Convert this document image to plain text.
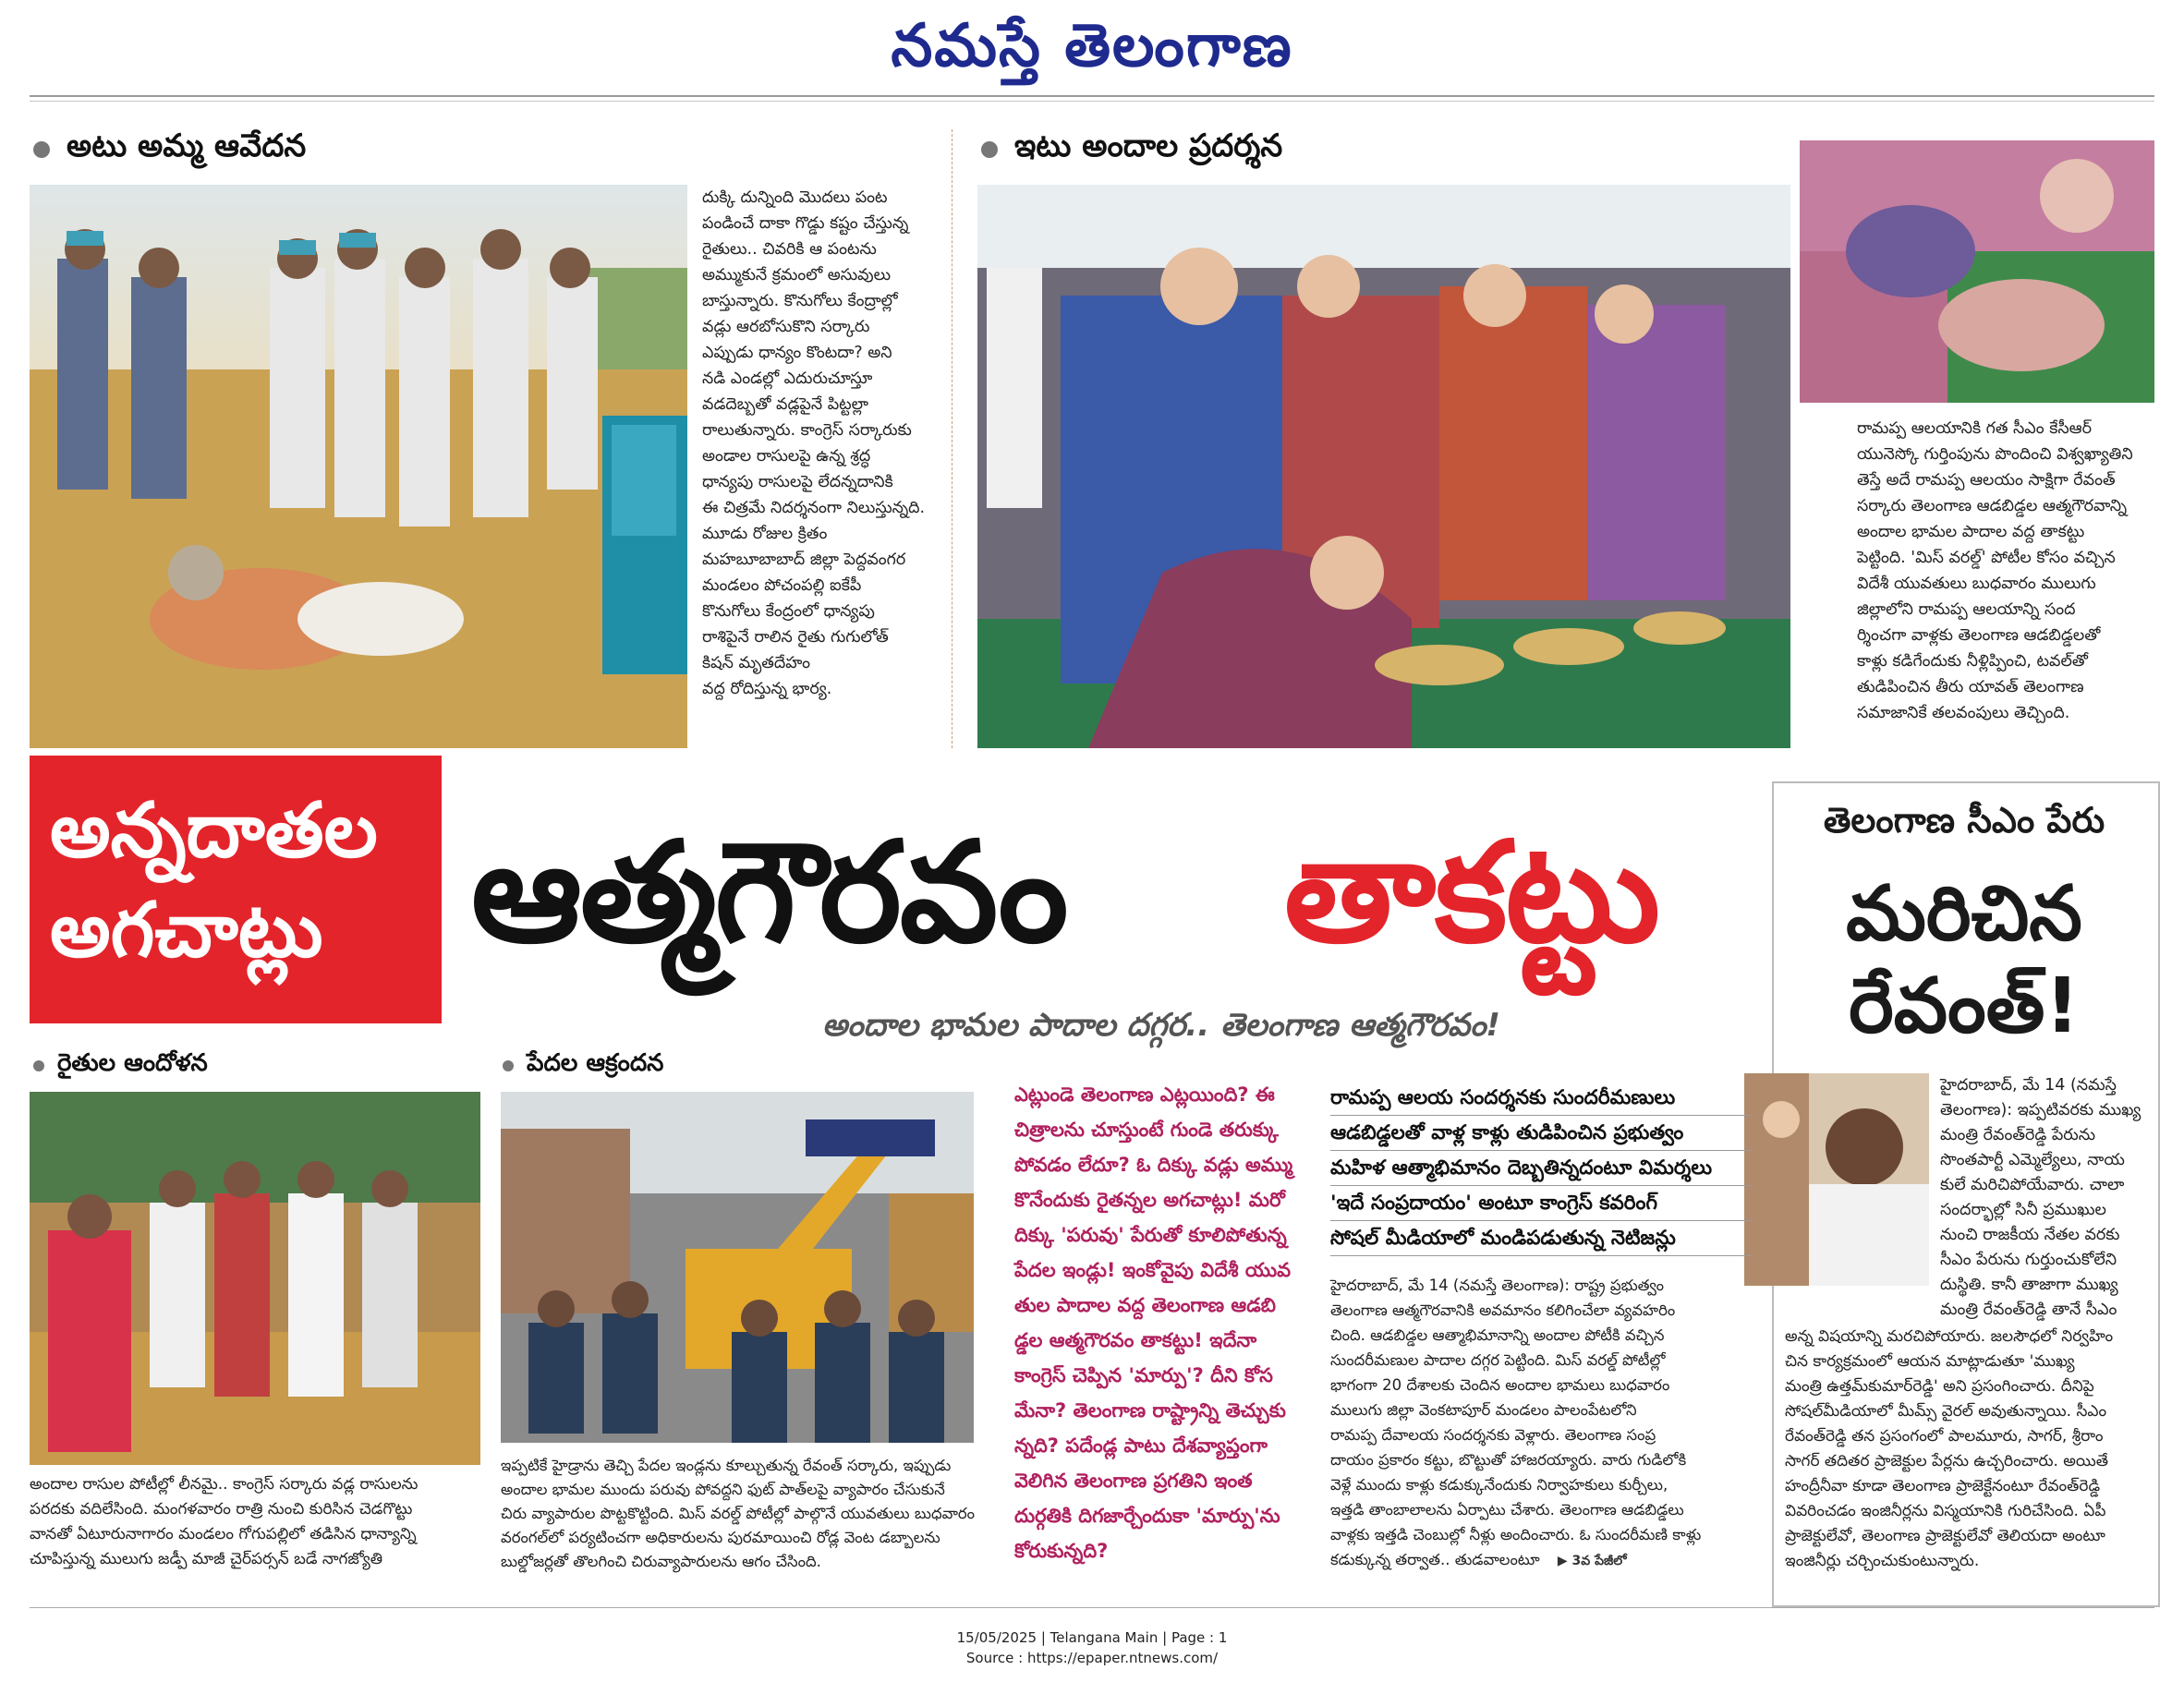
నమస్తే తెలంగాణ
అటు అమ్మ ఆవేదన

దుక్కి దున్నింది మొదలు పంట

పండించే దాకా గొడ్డు కష్టం చేస్తున్న

రైతులు.. చివరికి ఆ పంటను

అమ్ముకునే క్రమంలో అసువులు

బాస్తున్నారు. కొనుగోలు కేంద్రాల్లో

వడ్లు ఆరబోసుకొని సర్కారు

ఎప్పుడు ధాన్యం కొంటదా? అని

నడి ఎండల్లో ఎదురుచూస్తూ

వడదెబ్బతో వడ్లపైనే పిట్టల్లా

రాలుతున్నారు. కాంగ్రెస్ సర్కారుకు

అండాల రాసులపై ఉన్న శ్రద్ధ

ధాన్యపు రాసులపై లేదన్నదానికి

ఈ చిత్రమే నిదర్శనంగా నిలుస్తున్నది.

మూడు రోజుల క్రితం

మహబూబాబాద్ జిల్లా పెద్దవంగర

మండలం పోచంపల్లి ఐకేపీ

కొనుగోలు కేంద్రంలో ధాన్యపు

రాశిపైనే రాలిన రైతు గుగులోత్

కిషన్ మృతదేహం

వద్ద రోదిస్తున్న భార్య.

ఇటు అందాల ప్రదర్శన

రామప్ప ఆలయానికి గత సీఎం కేసీఆర్

యునెస్కో గుర్తింపును పొందించి విశ్వఖ్యాతిని

తెస్తే అదే రామప్ప ఆలయం సాక్షిగా రేవంత్

సర్కారు తెలంగాణ ఆడబిడ్డల ఆత్మగౌరవాన్ని

అందాల భామల పాదాల వద్ద తాకట్టు

పెట్టింది. 'మిస్ వరల్డ్' పోటీల కోసం వచ్చిన

విదేశీ యువతులు బుధవారం ములుగు

జిల్లాలోని రామప్ప ఆలయాన్ని సంద

ర్శించగా వాళ్లకు తెలంగాణ ఆడబిడ్డలతో

కాళ్లు కడిగేందుకు నీళ్లిప్పించి, టవల్‌తో

తుడిపించిన తీరు యావత్ తెలంగాణ

సమాజానికే తలవంపులు తెచ్చింది.

అన్నదాతల
అగచాట్లు	ఆత్మగౌరవం తాకట్టు
అందాల భామల పాదాల దగ్గర.. తెలంగాణ ఆత్మగౌరవం!
తెలంగాణ సీఎం పేరు
మరిచిన
రేవంత్!
హైదరాబాద్, మే 14 (నమస్తే
తెలంగాణ): ఇప్పటివరకు ముఖ్య
మంత్రి రేవంత్‌రెడ్డి పేరును
సొంతపార్టీ ఎమ్మెల్యేలు, నాయ
కులే మరిచిపోయేవారు. చాలా
సందర్భాల్లో సినీ ప్రముఖుల
నుంచి రాజకీయ నేతల వరకు
సీఎం పేరును గుర్తుంచుకోలేని
దుస్థితి. కానీ తాజాగా ముఖ్య
మంత్రి రేవంత్‌రెడ్డి తానే సీఎం
అన్న విషయాన్ని మరచిపోయారు. జలసౌధలో నిర్వహిం
చిన కార్యక్రమంలో ఆయన మాట్లాడుతూ 'ముఖ్య
మంత్రి ఉత్తమ్‌కుమార్‌రెడ్డి' అని ప్రసంగించారు. దీనిపై
సోషల్‌మీడియాలో మీమ్స్ వైరల్ అవుతున్నాయి. సీఎం
రేవంత్‌రెడ్డి తన ప్రసంగంలో పాలమూరు, సాగర్, శ్రీరాం
సాగర్ తదితర ప్రాజెక్టుల పేర్లను ఉచ్చరించారు. అయితే
హంద్రీనీవా కూడా తెలంగాణ ప్రాజెక్టేనంటూ రేవంత్‌రెడ్డి
వివరించడం ఇంజినీర్లను విస్మయానికి గురిచేసింది. ఏపీ
ప్రాజెక్టులేవో, తెలంగాణ ప్రాజెక్టులేవో తెలియదా అంటూ
ఇంజినీర్లు చర్చించుకుంటున్నారు.
రైతుల ఆందోళన
అందాల రాసుల పోటీల్లో లీనమై.. కాంగ్రెస్ సర్కారు వడ్ల రాసులను
పరదకు వదిలేసింది. మంగళవారం రాత్రి నుంచి కురిసిన చెడగొట్టు
వానతో ఏటూరునాగారం మండలం గోగుపల్లిలో తడిసిన ధాన్యాన్ని
చూపిస్తున్న ములుగు జడ్పీ మాజీ చైర్‌పర్సన్ బడే నాగజ్యోతి
పేదల ఆక్రందన
ఇప్పటికే హైడ్రాను తెచ్చి పేదల ఇండ్లను కూల్చుతున్న రేవంత్ సర్కారు, ఇప్పుడు
అందాల భామల ముందు పరువు పోవద్దని ఫుట్ పాత్‌లపై వ్యాపారం చేసుకునే
చిరు వ్యాపారుల పొట్టకొట్టింది. మిస్ వరల్డ్ పోటీల్లో పాల్గొనే యువతులు బుధవారం
వరంగల్‌లో పర్యటించగా అధికారులను పురమాయించి రోడ్ల వెంట డబ్బాలను
బుల్డోజర్లతో తొలగించి చిరువ్యాపారులను ఆగం చేసింది.
ఎట్లుండె తెలంగాణ ఎట్లయింది? ఈ
చిత్రాలను చూస్తుంటే గుండె తరుక్కు
పోవడం లేదూ? ఓ దిక్కు వడ్లు అమ్ము
కొనేందుకు రైతన్నల అగచాట్లు! మరో
దిక్కు 'పరువు' పేరుతో కూలిపోతున్న
పేదల ఇండ్లు! ఇంకోవైపు విదేశీ యువ
తుల పాదాల వద్ద తెలంగాణ ఆడబి
డ్డల ఆత్మగౌరవం తాకట్టు! ఇదేనా
కాంగ్రెస్ చెప్పిన 'మార్పు'? దీని కోస
మేనా? తెలంగాణ రాష్ట్రాన్ని తెచ్చుకు
న్నది? పదేండ్ల పాటు దేశవ్యాప్తంగా
వెలిగిన తెలంగాణ ప్రగతిని ఇంత
దుర్గతికి దిగజార్చేందుకా 'మార్పు'ను
కోరుకున్నది?
రామప్ప ఆలయ సందర్శనకు సుందరీమణులు
ఆడబిడ్డలతో వాళ్ల కాళ్లు తుడిపించిన ప్రభుత్వం
మహిళ ఆత్మాభిమానం దెబ్బతిన్నదంటూ విమర్శలు
'ఇదే సంప్రదాయం' అంటూ కాంగ్రెస్ కవరింగ్
సోషల్ మీడియాలో మండిపడుతున్న నెటిజన్లు
హైదరాబాద్, మే 14 (నమస్తే తెలంగాణ): రాష్ట్ర ప్రభుత్వం
తెలంగాణ ఆత్మగౌరవానికి అవమానం కలిగించేలా వ్యవహరిం
చింది. ఆడబిడ్డల ఆత్మాభిమానాన్ని అందాల పోటీకి వచ్చిన
సుందరీమణుల పాదాల దగ్గర పెట్టింది. మిస్ వరల్డ్ పోటీల్లో
భాగంగా 20 దేశాలకు చెందిన అందాల భామలు బుధవారం
ములుగు జిల్లా వెంకటాపూర్ మండలం పాలంపేటలోని
రామప్ప దేవాలయ సందర్శనకు వెళ్లారు. తెలంగాణ సంప్ర
దాయం ప్రకారం కట్టు, బొట్టుతో హాజరయ్యారు. వారు గుడిలోకి
వెళ్లే ముందు కాళ్లు కడుక్కునేందుకు నిర్వాహకులు కుర్చీలు,
ఇత్తడి తాంబాలాలను ఏర్పాటు చేశారు. తెలంగాణ ఆడబిడ్డలు
వాళ్లకు ఇత్తడి చెంబుల్లో నీళ్లు అందించారు. ఓ సుందరీమణి కాళ్లు
కడుక్కున్న తర్వాత.. తుడవాలంటూ ▶ 3వ పేజీలో
15/05/2025 | Telangana Main | Page : 1
Source : https://epaper.ntnews.com/
